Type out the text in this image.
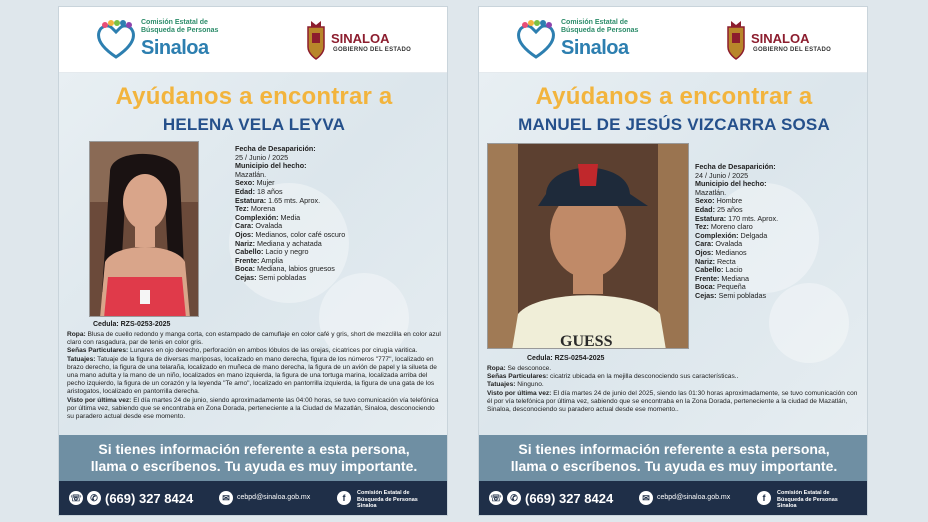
Comisión Estatal de
Búsqueda de Personas
Sinaloa	SINALOA
GOBIERNO DEL ESTADO
Ayúdanos a encontrar a
HELENA VELA LEYVA
Cedula: RZS-0253-2025
Fecha de Desaparición:
25 / Junio / 2025
Municipio del hecho:
Mazatlán.
Sexo: Mujer
Edad: 18 años
Estatura: 1.65 mts. Aprox.
Tez: Morena
Complexión: Media
Cara: Ovalada
Ojos: Medianos, color café oscuro
Nariz: Mediana y achatada
Cabello: Lacio y negro
Frente: Amplia
Boca: Mediana, labios gruesos
Cejas: Semi pobladas

Ropa: Blusa de cuello redondo y manga corta, con estampado de camuflaje en color café y gris, short de mezclilla en color azul claro con rasgadura, par de tenis en color gris.

Señas Particulares: Lunares en ojo derecho, perforación en ambos lóbulos de las orejas, cicatrices por cirugía varitica.

Tatuajes: Tatuaje de la figura de diversas mariposas, localizado en mano derecha, figura de los números "777", localizado en brazo derecho, la figura de una telaraña, localizado en muñeca de mano derecha, la figura de un avión de papel y la silueta de una mano adulta y la mano de un niño, localizados en mano izquierda, la figura de una tortuga marina, localizada arriba del pecho izquierdo, la figura de un corazón y la leyenda "Te amo", localizado en pantorrilla izquierda, la figura de una gata de los aristogatos, localizado en pantorrilla derecha.

Visto por última vez: El día martes 24 de junio, siendo aproximadamente las 04:00 horas, se tuvo comunicación vía telefónica por última vez, sabiendo que se encontraba en Zona Dorada, perteneciente a la Ciudad de Mazatlán, Sinaloa, desconociendo su paradero actual desde ese momento.

Si tienes información referente a esta persona,
llama o escríbenos. Tu ayuda es muy importante.
☏ ✆ (669) 327 8424	✉	cebpd@sinaloa.gob.mx	f	Comisión Estatal de
Búsqueda de Personas
Sinaloa
Comisión Estatal de
Búsqueda de Personas
Sinaloa	SINALOA
GOBIERNO DEL ESTADO
Ayúdanos a encontrar a
MANUEL DE JESÚS VIZCARRA SOSA
GUESS
Cedula: RZS-0254-2025
Fecha de Desaparición:
24 / Junio / 2025
Municipio del hecho:
Mazatlán.
Sexo: Hombre
Edad: 25 años
Estatura: 170 mts. Aprox.
Tez: Moreno claro
Complexión: Delgada
Cara: Ovalada
Ojos: Medianos
Nariz: Recta
Cabello: Lacio
Frente: Mediana
Boca: Pequeña
Cejas: Semi pobladas

Ropa: Se desconoce.

Señas Particulares: cicatriz ubicada en la mejilla desconociendo sus características..

Tatuajes: Ninguno.

Visto por última vez: El día martes 24 de junio del 2025, siendo las 01:30 horas aproximadamente, se tuvo comunicación con él por vía telefónica por última vez, sabiendo que se encontraba en la Zona Dorada, perteneciente a la ciudad de Mazatlán, Sinaloa, desconociendo su paradero actual desde ese momento..

Si tienes información referente a esta persona,
llama o escríbenos. Tu ayuda es muy importante.
☏ ✆ (669) 327 8424	✉	cebpd@sinaloa.gob.mx	f	Comisión Estatal de
Búsqueda de Personas
Sinaloa
